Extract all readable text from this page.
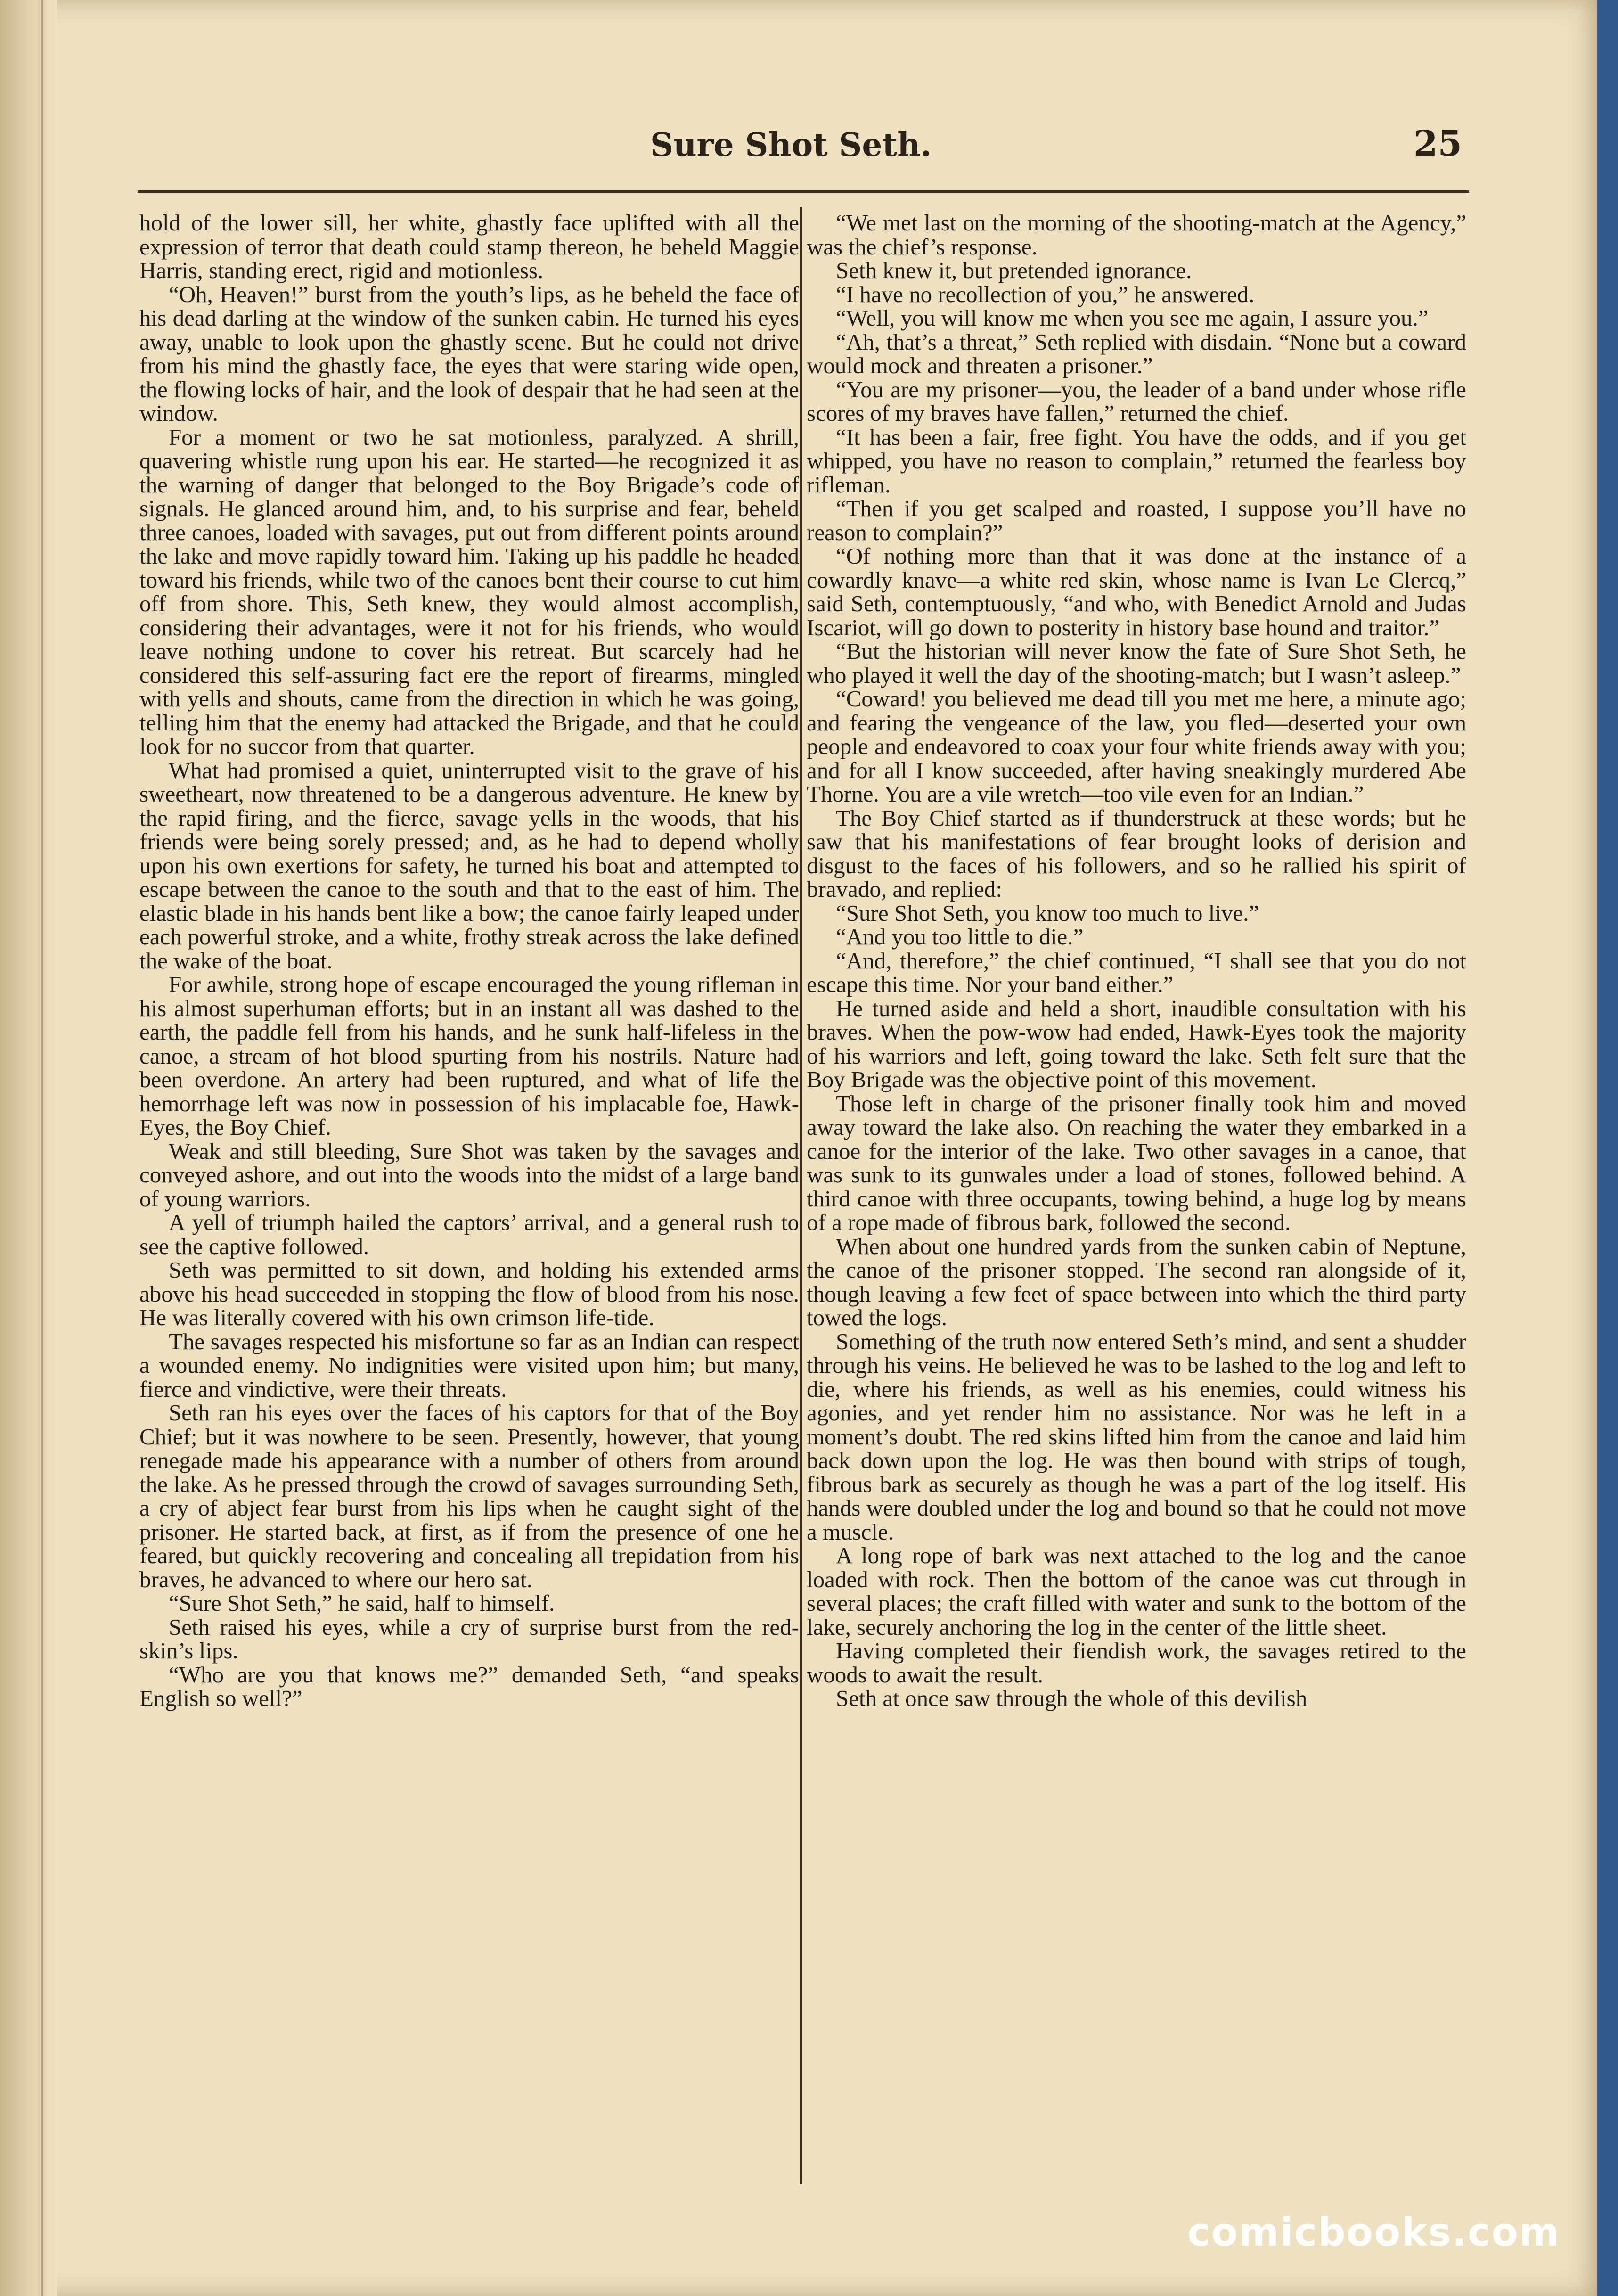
Sure Shot Seth.	25

hold of the lower sill, her white, ghastly face uplifted with all the expression of terror that death could stamp thereon, he beheld Maggie Harris, standing erect, rigid and motionless.

“Oh, Heaven!” burst from the youth’s lips, as he beheld the face of his dead darling at the window of the sunken cabin. He turned his eyes away, unable to look upon the ghastly scene. But he could not drive from his mind the ghastly face, the eyes that were staring wide open, the flowing locks of hair, and the look of despair that he had seen at the window.

For a moment or two he sat motionless, paralyzed. A shrill, quavering whistle rung upon his ear. He started—he recognized it as the warning of danger that belonged to the Boy Brigade’s code of signals. He glanced around him, and, to his surprise and fear, beheld three canoes, loaded with savages, put out from different points around the lake and move rapidly toward him. Taking up his paddle he headed toward his friends, while two of the canoes bent their course to cut him off from shore. This, Seth knew, they would almost accomplish, considering their advantages, were it not for his friends, who would leave nothing undone to cover his retreat. But scarcely had he considered this self-assuring fact ere the report of firearms, mingled with yells and shouts, came from the direction in which he was going, telling him that the enemy had attacked the Brigade, and that he could look for no succor from that quarter.

What had promised a quiet, uninterrupted visit to the grave of his sweetheart, now threatened to be a dangerous adventure. He knew by the rapid firing, and the fierce, savage yells in the woods, that his friends were being sorely pressed; and, as he had to depend wholly upon his own exertions for safety, he turned his boat and attempted to escape between the canoe to the south and that to the east of him. The elastic blade in his hands bent like a bow; the canoe fairly leaped under each powerful stroke, and a white, frothy streak across the lake defined the wake of the boat.

For awhile, strong hope of escape encouraged the young rifleman in his almost superhuman efforts; but in an instant all was dashed to the earth, the paddle fell from his hands, and he sunk half-lifeless in the canoe, a stream of hot blood spurting from his nostrils. Nature had been overdone. An artery had been ruptured, and what of life the hemorrhage left was now in possession of his implacable foe, Hawk-Eyes, the Boy Chief.

Weak and still bleeding, Sure Shot was taken by the savages and conveyed ashore, and out into the woods into the midst of a large band of young warriors.

A yell of triumph hailed the captors’ arrival, and a general rush to see the captive followed.

Seth was permitted to sit down, and holding his extended arms above his head succeeded in stopping the flow of blood from his nose. He was literally covered with his own crimson life-tide.

The savages respected his misfortune so far as an Indian can respect a wounded enemy. No indignities were visited upon him; but many, fierce and vindictive, were their threats.

Seth ran his eyes over the faces of his captors for that of the Boy Chief; but it was nowhere to be seen. Presently, however, that young renegade made his appearance with a number of others from around the lake. As he pressed through the crowd of savages surrounding Seth, a cry of abject fear burst from his lips when he caught sight of the prisoner. He started back, at first, as if from the presence of one he feared, but quickly recovering and concealing all trepidation from his braves, he advanced to where our hero sat.

“Sure Shot Seth,” he said, half to himself.

Seth raised his eyes, while a cry of surprise burst from the red-skin’s lips.

“Who are you that knows me?” demanded Seth, “and speaks English so well?”

“We met last on the morning of the shooting-match at the Agency,” was the chief’s response.

Seth knew it, but pretended ignorance.

“I have no recollection of you,” he answered.

“Well, you will know me when you see me again, I assure you.”

“Ah, that’s a threat,” Seth replied with disdain. “None but a coward would mock and threaten a prisoner.”

“You are my prisoner—you, the leader of a band under whose rifle scores of my braves have fallen,” returned the chief.

“It has been a fair, free fight. You have the odds, and if you get whipped, you have no reason to complain,” returned the fearless boy rifleman.

“Then if you get scalped and roasted, I suppose you’ll have no reason to complain?”

“Of nothing more than that it was done at the instance of a cowardly knave—a white red skin, whose name is Ivan Le Clercq,” said Seth, contemptuously, “and who, with Benedict Arnold and Judas Iscariot, will go down to posterity in history base hound and traitor.”

“But the historian will never know the fate of Sure Shot Seth, he who played it well the day of the shooting-match; but I wasn’t asleep.”

“Coward! you believed me dead till you met me here, a minute ago; and fearing the vengeance of the law, you fled—deserted your own people and endeavored to coax your four white friends away with you; and for all I know succeeded, after having sneakingly murdered Abe Thorne. You are a vile wretch—too vile even for an Indian.”

The Boy Chief started as if thunderstruck at these words; but he saw that his manifestations of fear brought looks of derision and disgust to the faces of his followers, and so he rallied his spirit of bravado, and replied:

“Sure Shot Seth, you know too much to live.”

“And you too little to die.”

“And, therefore,” the chief continued, “I shall see that you do not escape this time. Nor your band either.”

He turned aside and held a short, inaudible consultation with his braves. When the pow-wow had ended, Hawk-Eyes took the majority of his warriors and left, going toward the lake. Seth felt sure that the Boy Brigade was the objective point of this movement.

Those left in charge of the prisoner finally took him and moved away toward the lake also. On reaching the water they embarked in a canoe for the interior of the lake. Two other savages in a canoe, that was sunk to its gunwales under a load of stones, followed behind. A third canoe with three occupants, towing behind, a huge log by means of a rope made of fibrous bark, followed the second.

When about one hundred yards from the sunken cabin of Neptune, the canoe of the prisoner stopped. The second ran alongside of it, though leaving a few feet of space between into which the third party towed the logs.

Something of the truth now entered Seth’s mind, and sent a shudder through his veins. He believed he was to be lashed to the log and left to die, where his friends, as well as his enemies, could witness his agonies, and yet render him no assistance. Nor was he left in a moment’s doubt. The red skins lifted him from the canoe and laid him back down upon the log. He was then bound with strips of tough, fibrous bark as securely as though he was a part of the log itself. His hands were doubled under the log and bound so that he could not move a muscle.

A long rope of bark was next attached to the log and the canoe loaded with rock. Then the bottom of the canoe was cut through in several places; the craft filled with water and sunk to the bottom of the lake, securely anchoring the log in the center of the little sheet.

Having completed their fiendish work, the savages retired to the woods to await the result.

Seth at once saw through the whole of this devilish

comicbooks.com
